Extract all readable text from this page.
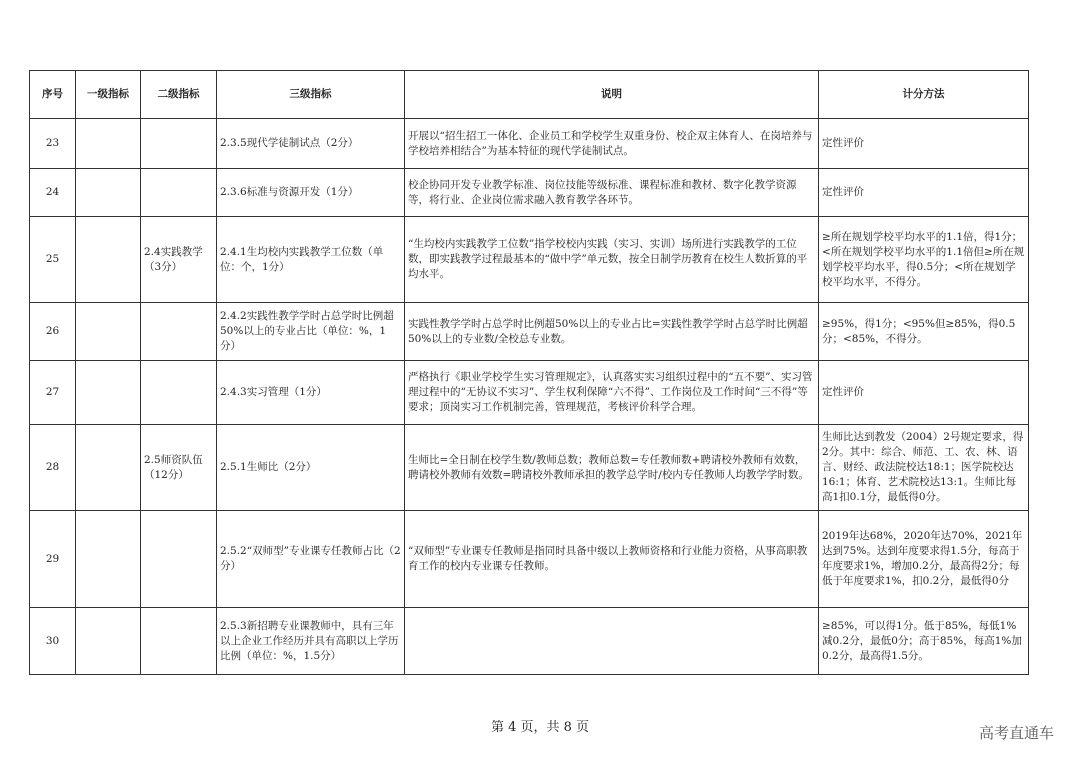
序号	一级指标	二级指标	三级指标	说明	计分方法
23			2.3.5现代学徒制试点（2分）	开展以“招生招工一体化、企业员工和学校学生双重身份、校企双主体育人、在岗培养与学校培养相结合”为基本特征的现代学徒制试点。	定性评价
24			2.3.6标准与资源开发（1分）	校企协同开发专业教学标准、岗位技能等级标准、课程标准和教材、数字化教学资源等，将行业、企业岗位需求融入教育教学各环节。	定性评价
25		2.4实践教学（3分）	2.4.1生均校内实践教学工位数（单位：个，1分）	“生均校内实践教学工位数”指学校校内实践（实习、实训）场所进行实践教学的工位数，即实践教学过程最基本的“做中学”单元数，按全日制学历教育在校生人数折算的平均水平。	≥所在规划学校平均水平的1.1倍，得1分；<所在规划学校平均水平的1.1倍但≥所在规划学校平均水平，得0.5分；<所在规划学校平均水平，不得分。
26			2.4.2实践性教学学时占总学时比例超50%以上的专业占比（单位：%，1分）	实践性教学学时占总学时比例超50%以上的专业占比=实践性教学学时占总学时比例超50%以上的专业数/全校总专业数。	≥95%，得1分；<95%但≥85%，得0.5分；<85%，不得分。
27			2.4.3实习管理（1分）	严格执行《职业学校学生实习管理规定》，认真落实实习组织过程中的“五不要”、实习管理过程中的“无协议不实习”、学生权利保障“六不得”、工作岗位及工作时间“三不得”等要求；顶岗实习工作机制完善，管理规范，考核评价科学合理。	定性评价
28		2.5师资队伍（12分）	2.5.1生师比（2分）	生师比=全日制在校学生数/教师总数；教师总数=专任教师数+聘请校外教师有效数，聘请校外教师有效数=聘请校外教师承担的教学总学时/校内专任教师人均教学学时数。	生师比达到教发（2004）2号规定要求，得2分。其中：综合、师范、工、农、林、语言、财经、政法院校达18:1；医学院校达16:1；体育、艺术院校达13:1。生师比每高1扣0.1分，最低得0分。
29			2.5.2“双师型”专业课专任教师占比（2分）	“双师型”专业课专任教师是指同时具备中级以上教师资格和行业能力资格，从事高职教育工作的校内专业课专任教师。	2019年达68%，2020年达70%，2021年达到75%。达到年度要求得1.5分，每高于年度要求1%，增加0.2分，最高得2分；每低于年度要求1%，扣0.2分，最低得0分
30			2.5.3新招聘专业课教师中，具有三年以上企业工作经历并具有高职以上学历比例（单位：%，1.5分）		≥85%，可以得1分。低于85%，每低1%减0.2分，最低0分；高于85%，每高1%加0.2分，最高得1.5分。
第 4 页，共 8 页	高考直通车
